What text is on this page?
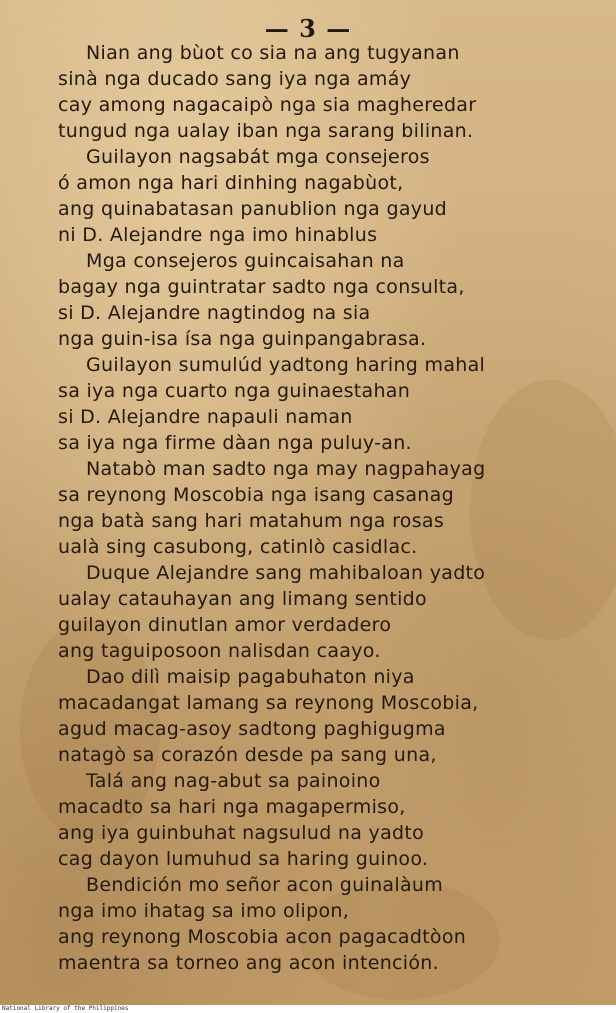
— 3 —
Nian ang bùot co sia na ang tugyanan
sinà nga ducado sang iya nga amáy
cay among nagacaipò nga sia magheredar
tungud nga ualay iban nga sarang bilinan.
Guilayon nagsabát mga consejeros
ó amon nga hari dinhing nagabùot,
ang quinabatasan panublion nga gayud
ni D. Alejandre nga imo hinablus
Mga consejeros guincaisahan na
bagay nga guintratar sadto nga consulta,
si D. Alejandre nagtindog na sia
nga guin-isa ísa nga guinpangabrasa.
Guilayon sumulúd yadtong haring mahal
sa iya nga cuarto nga guinaestahan
si D. Alejandre napauli naman
sa iya nga firme dàan nga puluy-an.
Natabò man sadto nga may nagpahayag
sa reynong Moscobia nga isang casanag
nga batà sang hari matahum nga rosas
ualà sing casubong, catinlò casidlac.
Duque Alejandre sang mahibaloan yadto
ualay catauhayan ang limang sentido
guilayon dinutlan amor verdadero
ang taguiposoon nalisdan caayo.
Dao dilì maisip pagabuhaton niya
macadangat lamang sa reynong Moscobia,
agud macag-asoy sadtong paghigugma
natagò sa corazón desde pa sang una,
Talá ang nag-abut sa painoino
macadto sa hari nga magapermiso,
ang iya guinbuhat nagsulud na yadto
cag dayon lumuhud sa haring guinoo.
Bendición mo señor acon guinalàum
nga imo ihatag sa imo olipon,
ang reynong Moscobia acon pagacadtòon
maentra sa torneo ang acon intención.
National Library of the Philippines
